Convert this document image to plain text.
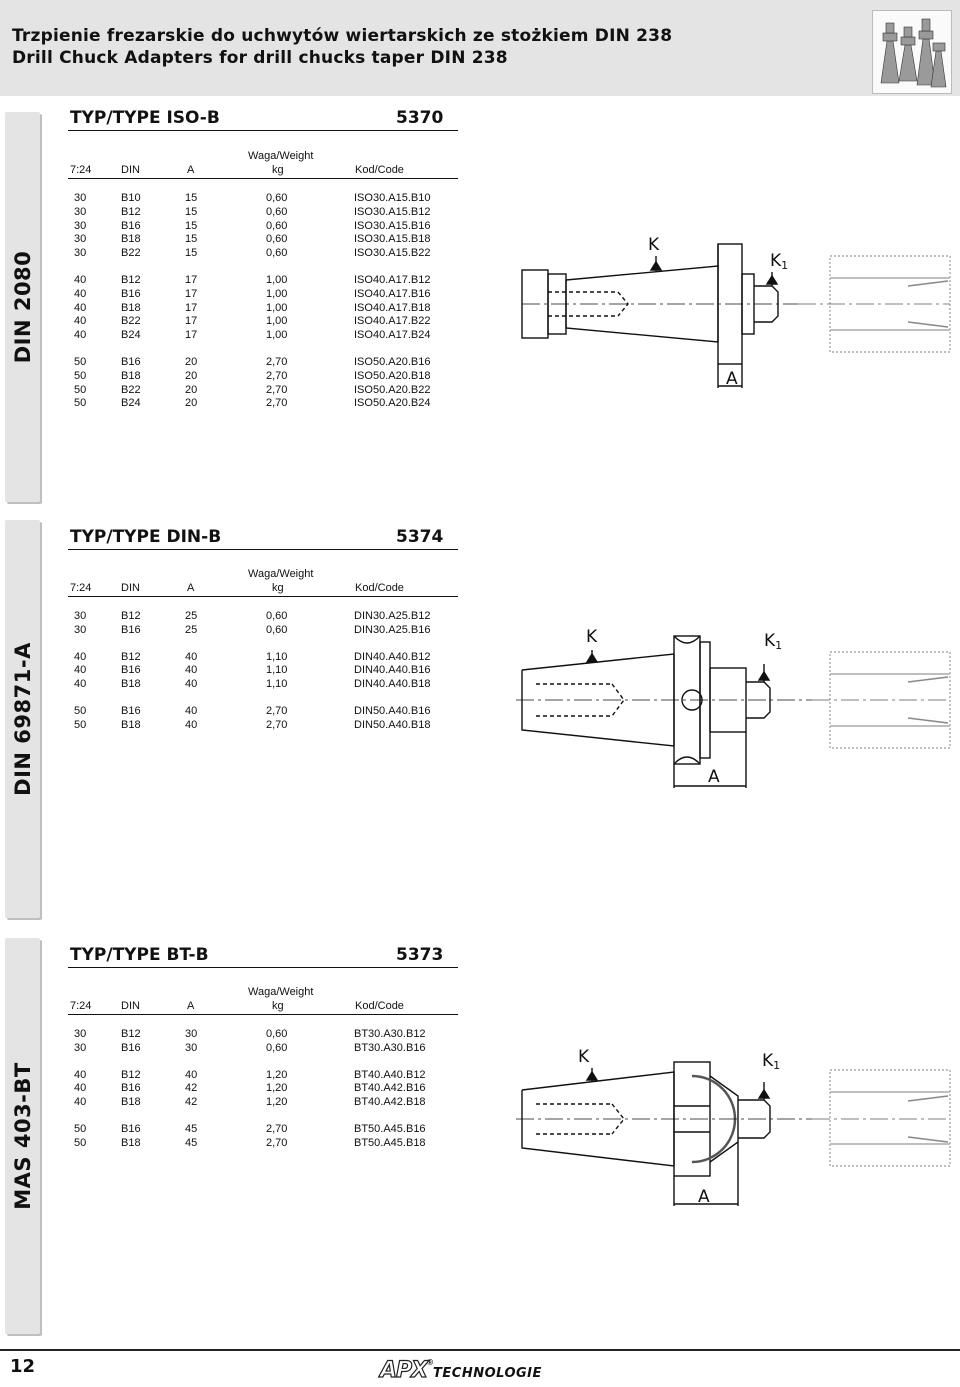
Trzpienie frezarskie do uchwytów wiertarskich ze stożkiem DIN 238
Drill Chuck Adapters for drill chucks taper DIN 238
DIN 2080
DIN 69871-A
MAS 403-BT
TYP/TYPE ISO-B	5370
Waga/Weight
7:24	DIN	A	kg	Kod/Code
30	B10	15	0,60	ISO30.A15.B10
30	B12	15	0,60	ISO30.A15.B12
30	B16	15	0,60	ISO30.A15.B16
30	B18	15	0,60	ISO30.A15.B18
30	B22	15	0,60	ISO30.A15.B22
40	B12	17	1,00	ISO40.A17.B12
40	B16	17	1,00	ISO40.A17.B16
40	B18	17	1,00	ISO40.A17.B18
40	B22	17	1,00	ISO40.A17.B22
40	B24	17	1,00	ISO40.A17.B24
50	B16	20	2,70	ISO50.A20.B16
50	B18	20	2,70	ISO50.A20.B18
50	B22	20	2,70	ISO50.A20.B22
50	B24	20	2,70	ISO50.A20.B24
K
K1
A
TYP/TYPE DIN-B	5374
Waga/Weight
7:24	DIN	A	kg	Kod/Code
30	B12	25	0,60	DIN30.A25.B12
30	B16	25	0,60	DIN30.A25.B16
40	B12	40	1,10	DIN40.A40.B12
40	B16	40	1,10	DIN40.A40.B16
40	B18	40	1,10	DIN40.A40.B18
50	B16	40	2,70	DIN50.A40.B16
50	B18	40	2,70	DIN50.A40.B18
K	K1
A
TYP/TYPE BT-B	5373
Waga/Weight
7:24	DIN	A	kg	Kod/Code
30	B12	30	0,60	BT30.A30.B12
30	B16	30	0,60	BT30.A30.B16
40	B12	40	1,20	BT40.A40.B12
40	B16	42	1,20	BT40.A42.B16
40	B18	42	1,20	BT40.A42.B18
50	B16	45	2,70	BT50.A45.B16
50	B18	45	2,70	BT50.A45.B18
K	K1
A
12	APX®TECHNOLOGIE
